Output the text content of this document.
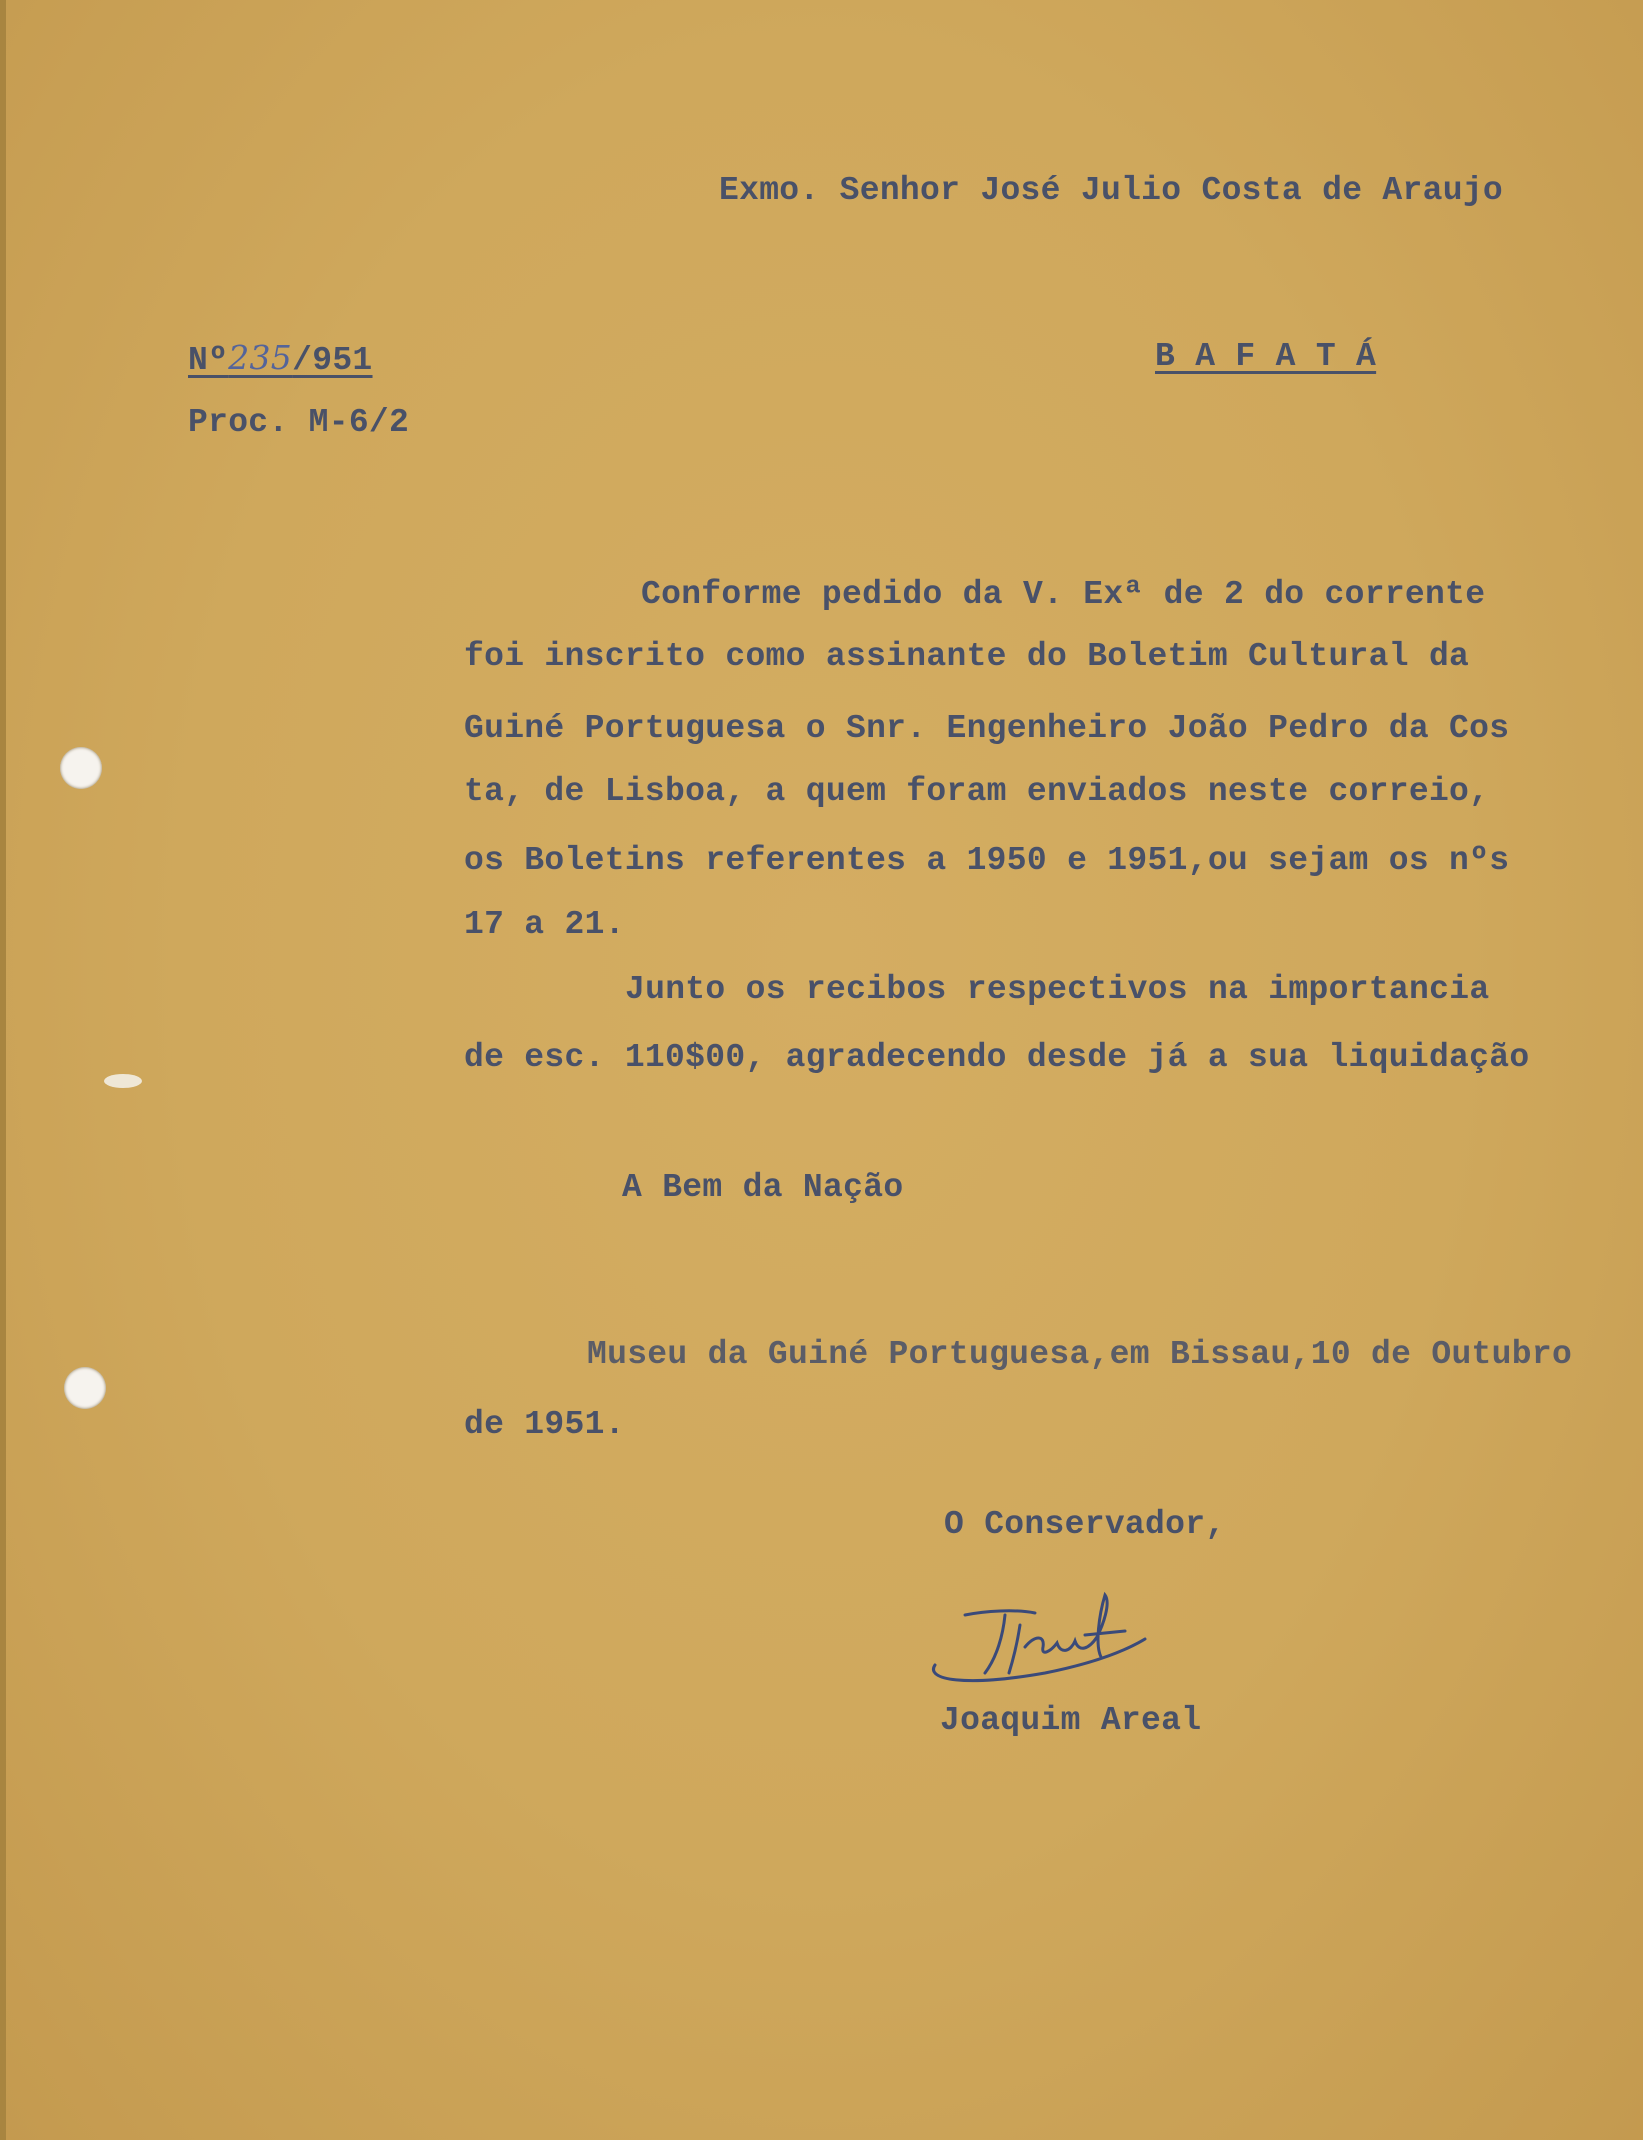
Exmo. Senhor José Julio Costa de Araujo
Nº235/951	B A F A T Á
Proc. M-6/2
Conforme pedido da V. Exª de 2 do corrente
foi inscrito como assinante do Boletim Cultural da
Guiné Portuguesa o Snr. Engenheiro João Pedro da Cos
ta, de Lisboa, a quem foram enviados neste correio,
os Boletins referentes a 1950 e 1951,ou sejam os nºs
17 a 21.
Junto os recibos respectivos na importancia
de esc. 110$00, agradecendo desde já a sua liquidação
A Bem da Nação
Museu da Guiné Portuguesa,em Bissau,10 de Outubro
de 1951.
O Conservador,
Joaquim Areal
